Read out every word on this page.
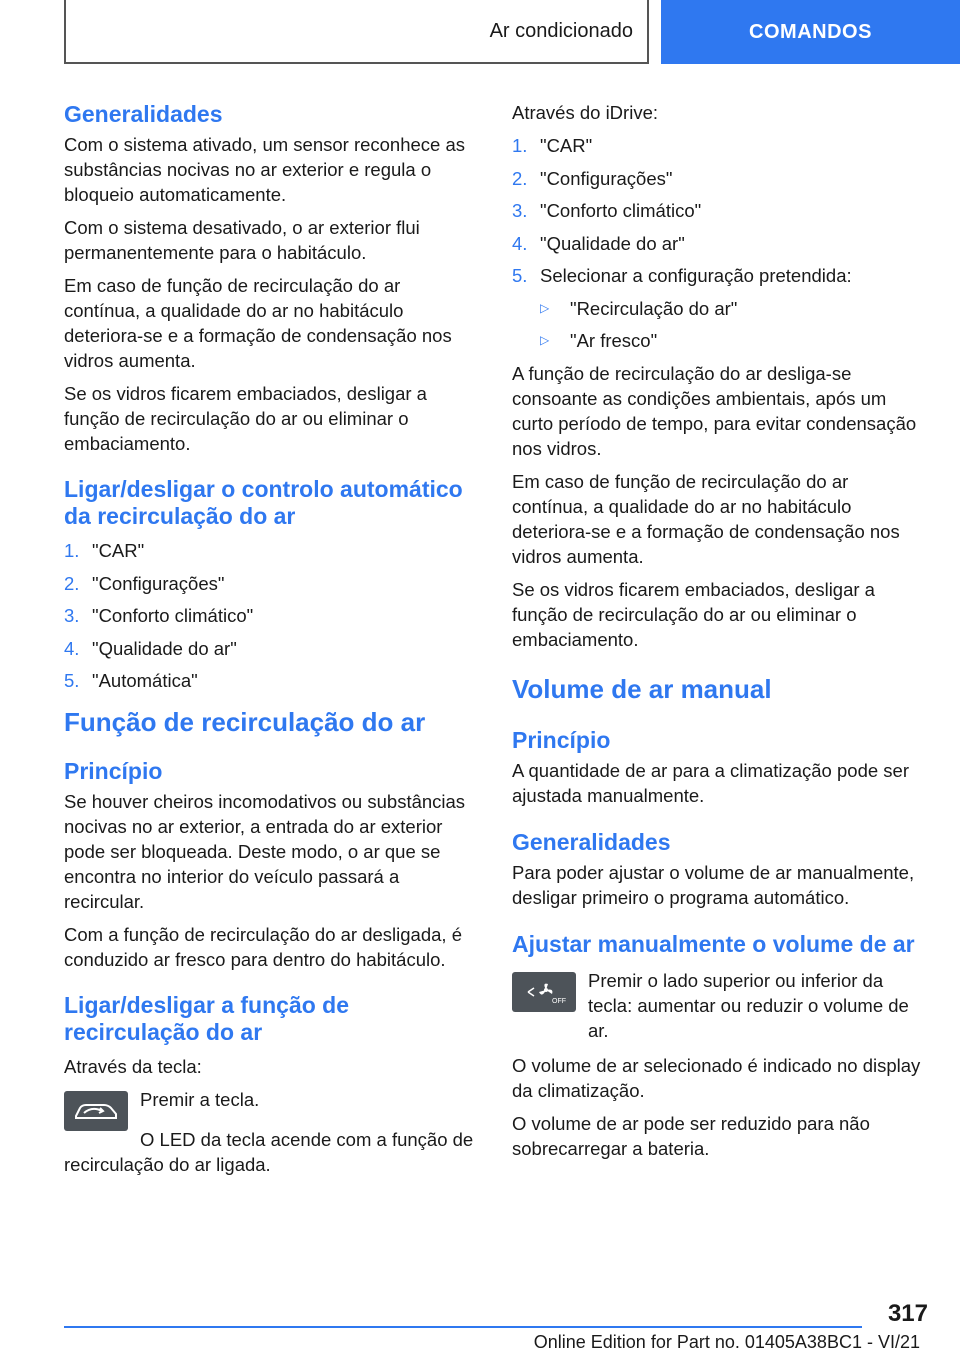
Ar condicionado	COMANDOS
Generalidades
Com o sistema ativado, um sensor reconhece as substâncias nocivas no ar exterior e regula o bloqueio automaticamente.
Com o sistema desativado, o ar exterior flui permanentemente para o habitáculo.
Em caso de função de recirculação do ar contínua, a qualidade do ar no habitáculo deteriora-se e a formação de condensação nos vidros aumenta.
Se os vidros ficarem embaciados, desligar a função de recirculação do ar ou eliminar o embaciamento.
Ligar/desligar o controlo automático da recirculação do ar
1. "CAR"
2. "Configurações"
3. "Conforto climático"
4. "Qualidade do ar"
5. "Automática"
Função de recirculação do ar
Princípio
Se houver cheiros incomodativos ou substâncias nocivas no ar exterior, a entrada do ar exterior pode ser bloqueada. Deste modo, o ar que se encontra no interior do veículo passará a recircular.
Com a função de recirculação do ar desligada, é conduzido ar fresco para dentro do habitáculo.
Ligar/desligar a função de recirculação do ar
Através da tecla:
Premir a tecla.
O LED da tecla acende com a função de recirculação do ar ligada.
Através do iDrive:
1. "CAR"
2. "Configurações"
3. "Conforto climático"
4. "Qualidade do ar"
5. Selecionar a configuração pretendida:
▷	"Recirculação do ar"
▷	"Ar fresco"
A função de recirculação do ar desliga-se consoante as condições ambientais, após um curto período de tempo, para evitar condensação nos vidros.
Em caso de função de recirculação do ar contínua, a qualidade do ar no habitáculo deteriora-se e a formação de condensação nos vidros aumenta.
Se os vidros ficarem embaciados, desligar a função de recirculação do ar ou eliminar o embaciamento.
Volume de ar manual
Princípio
A quantidade de ar para a climatização pode ser ajustada manualmente.
Generalidades
Para poder ajustar o volume de ar manualmente, desligar primeiro o programa automático.
Ajustar manualmente o volume de ar
OFF
Premir o lado superior ou inferior da tecla: aumentar ou reduzir o volume de ar.
O volume de ar selecionado é indicado no display da climatização.
O volume de ar pode ser reduzido para não sobrecarregar a bateria.
317
Online Edition for Part no. 01405A38BC1 - VI/21
